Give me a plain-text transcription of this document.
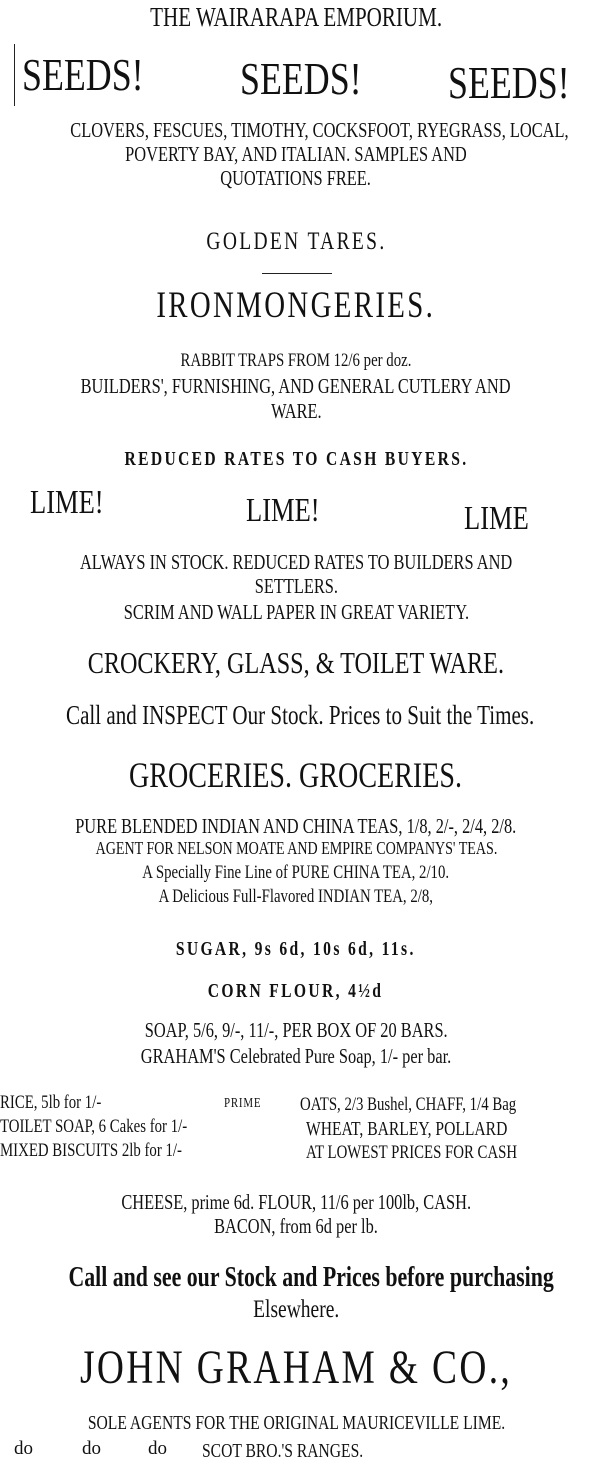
THE WAIRARAPA EMPORIUM.
SEEDS!	SEEDS!	SEEDS!
CLOVERS, FESCUES, TIMOTHY, COCKSFOOT, RYEGRASS, LOCAL,
POVERTY BAY, AND ITALIAN. SAMPLES AND
QUOTATIONS FREE.
GOLDEN TARES.
IRONMONGERIES.
RABBIT TRAPS FROM 12/6 per doz.
BUILDERS', FURNISHING, AND GENERAL CUTLERY AND
WARE.
REDUCED RATES TO CASH BUYERS.
LIME!	LIME!	LIME
ALWAYS IN STOCK. REDUCED RATES TO BUILDERS AND
SETTLERS.
SCRIM AND WALL PAPER IN GREAT VARIETY.
CROCKERY, GLASS, & TOILET WARE.
Call and INSPECT Our Stock. Prices to Suit the Times.
GROCERIES. GROCERIES.
PURE BLENDED INDIAN AND CHINA TEAS, 1/8, 2/-, 2/4, 2/8.
AGENT FOR NELSON MOATE AND EMPIRE COMPANYS' TEAS.
A Specially Fine Line of PURE CHINA TEA, 2/10.
A Delicious Full-Flavored INDIAN TEA, 2/8,
SUGAR, 9s 6d, 10s 6d, 11s.
CORN FLOUR, 4½d
SOAP, 5/6, 9/-, 11/-, PER BOX OF 20 BARS.
GRAHAM'S Celebrated Pure Soap, 1/- per bar.
RICE, 5lb for 1/-
TOILET SOAP, 6 Cakes for 1/-
MIXED BISCUITS 2lb for 1/-
PRIME	OATS, 2/3 Bushel, CHAFF, 1/4 Bag
WHEAT, BARLEY, POLLARD
AT LOWEST PRICES FOR CASH
CHEESE, prime 6d. FLOUR, 11/6 per 100lb, CASH.
BACON, from 6d per lb.
Call and see our Stock and Prices before purchasing
Elsewhere.
JOHN GRAHAM & CO.,
SOLE AGENTS FOR THE ORIGINAL MAURICEVILLE LIME.
do	do do SCOT BRO.'S RANGES.
